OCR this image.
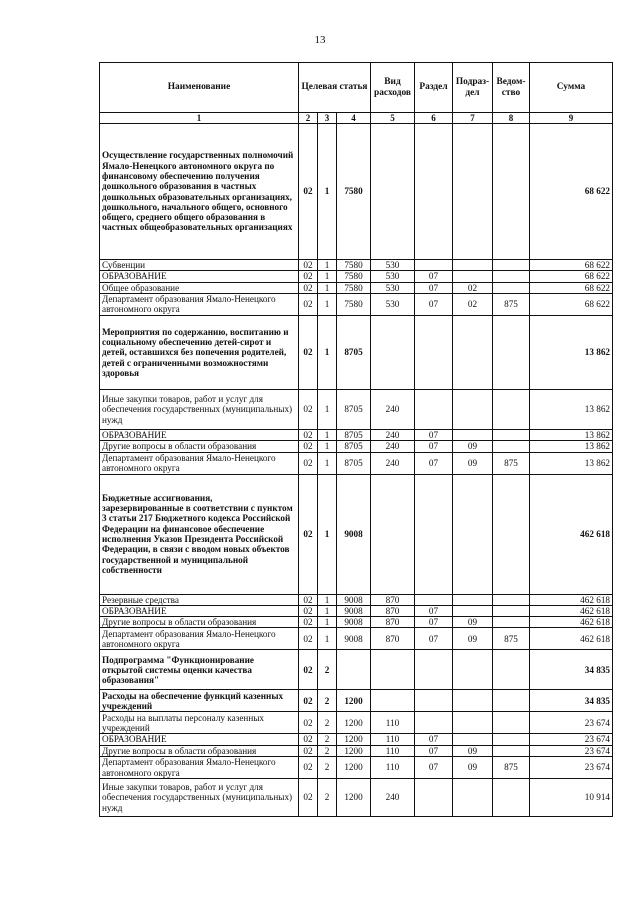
13
Наименование	Целевая статья			Вид расходов	Раздел	Подраз-дел	Ведом-ство	Сумма
1	2	3	4	5	6	7	8	9
Осуществление государственных полномочий Ямало-Ненецкого автономного округа по финансовому обеспечению получения дошкольного образования в частных дошкольных образовательных организациях, дошкольного, начального общего, основного общего, среднего общего образования в частных общеобразовательных организациях	02	1	7580					68 622
Субвенции	02	1	7580	530				68 622
ОБРАЗОВАНИЕ	02	1	7580	530	07			68 622
Общее образование	02	1	7580	530	07	02		68 622
Департамент образования Ямало-Ненецкого автономного округа	02	1	7580	530	07	02	875	68 622
Мероприятия по содержанию, воспитанию и социальному обеспечению детей-сирот и детей, оставшихся без попечения родителей, детей с ограниченными возможностями здоровья	02	1	8705					13 862
Иные закупки товаров, работ и услуг для обеспечения государственных (муниципальных) нужд	02	1	8705	240				13 862
ОБРАЗОВАНИЕ	02	1	8705	240	07			13 862
Другие вопросы в области образования	02	1	8705	240	07	09		13 862
Департамент образования Ямало-Ненецкого автономного округа	02	1	8705	240	07	09	875	13 862
Бюджетные ассигнования, зарезервированные в соответствии с пунктом 3 статьи 217 Бюджетного кодекса Российской Федерации на финансовое обеспечение исполнения Указов Президента Российской Федерации, в связи с вводом новых объектов государственной и муниципальной собственности	02	1	9008					462 618
Резервные средства	02	1	9008	870				462 618
ОБРАЗОВАНИЕ	02	1	9008	870	07			462 618
Другие вопросы в области образования	02	1	9008	870	07	09		462 618
Департамент образования Ямало-Ненецкого автономного округа	02	1	9008	870	07	09	875	462 618
Подпрограмма "Функционирование открытой системы оценки качества образования"	02	2						34 835
Расходы на обеспечение функций казенных учреждений	02	2	1200					34 835
Расходы на выплаты персоналу казенных учреждений	02	2	1200	110				23 674
ОБРАЗОВАНИЕ	02	2	1200	110	07			23 674
Другие вопросы в области образования	02	2	1200	110	07	09		23 674
Департамент образования Ямало-Ненецкого автономного округа	02	2	1200	110	07	09	875	23 674
Иные закупки товаров, работ и услуг для обеспечения государственных (муниципальных) нужд	02	2	1200	240				10 914
